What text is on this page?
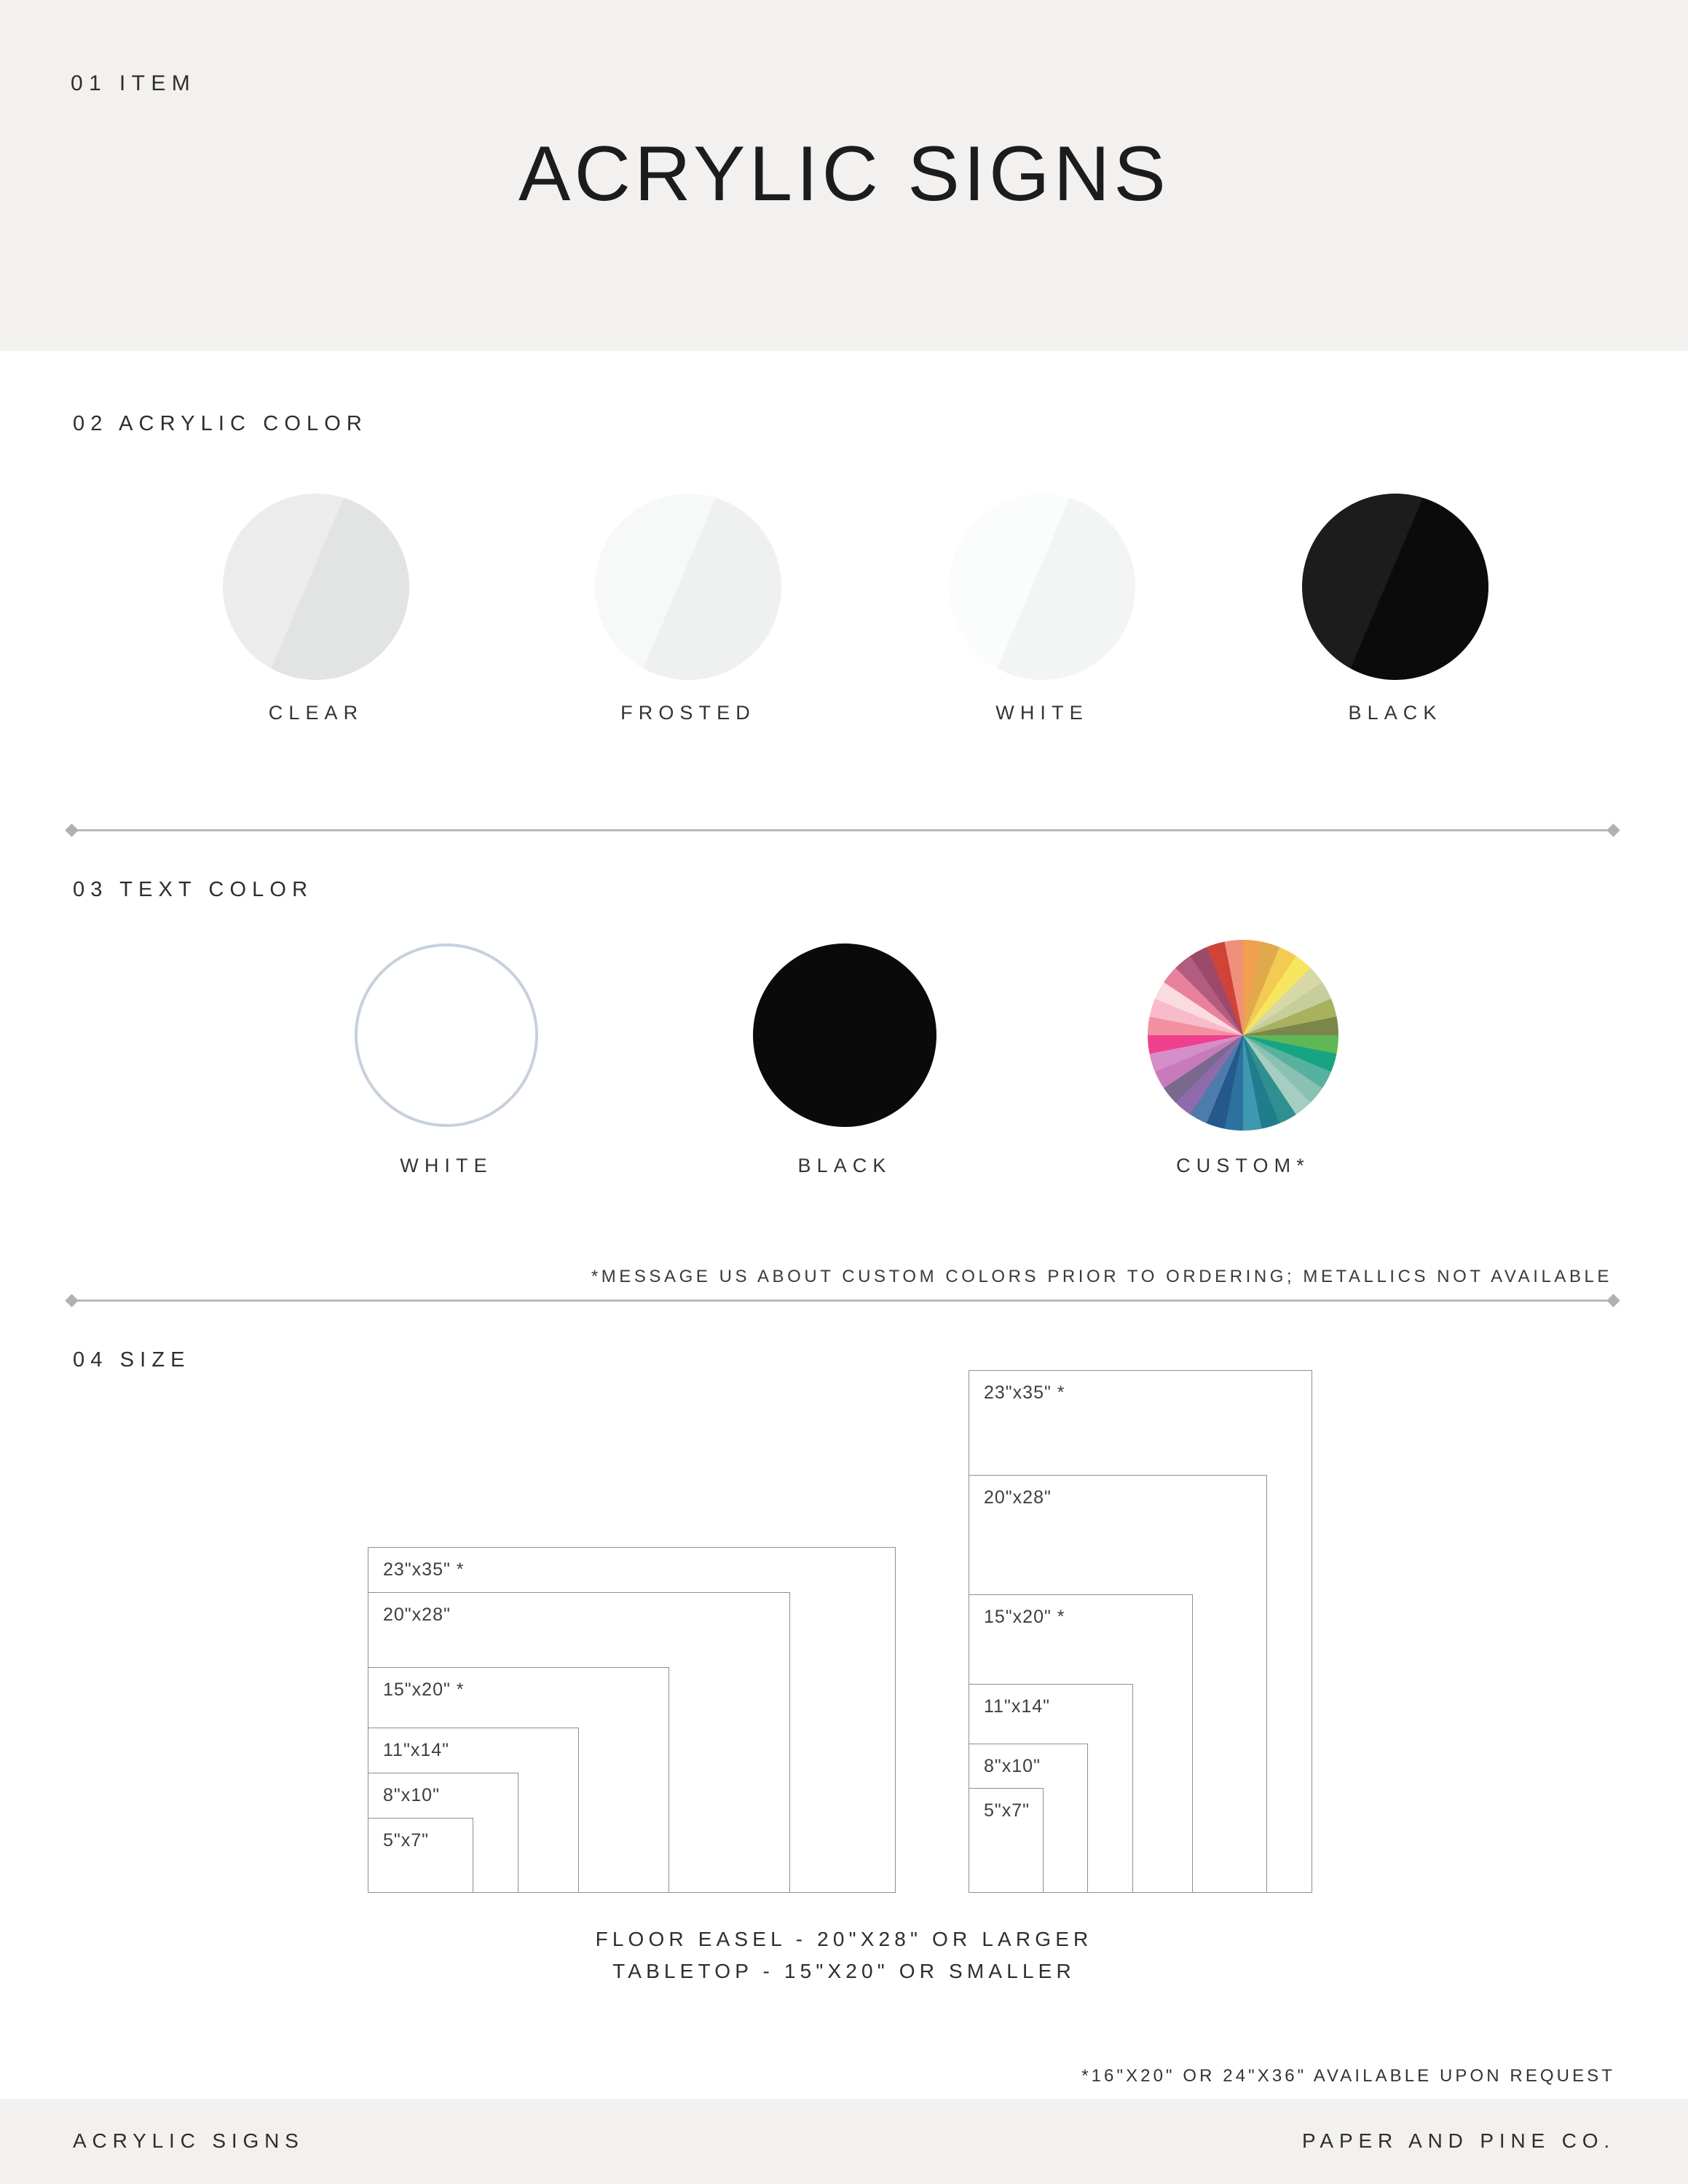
01 ITEM
ACRYLIC SIGNS
02 ACRYLIC COLOR
CLEAR	FROSTED	WHITE	BLACK
03 TEXT COLOR
WHITE	BLACK	CUSTOM*
*MESSAGE US ABOUT CUSTOM COLORS PRIOR TO ORDERING; METALLICS NOT AVAILABLE
04 SIZE
23"x35" *
20"x28"
15"x20" *
11"x14"
8"x10"
5"x7"
23"x35" *
20"x28"
15"x20" *
11"x14"
8"x10"
5"x7"
FLOOR EASEL - 20"X28" OR LARGER
TABLETOP - 15"X20" OR SMALLER
*16"X20" OR 24"X36" AVAILABLE UPON REQUEST
ACRYLIC SIGNS	PAPER AND PINE CO.
